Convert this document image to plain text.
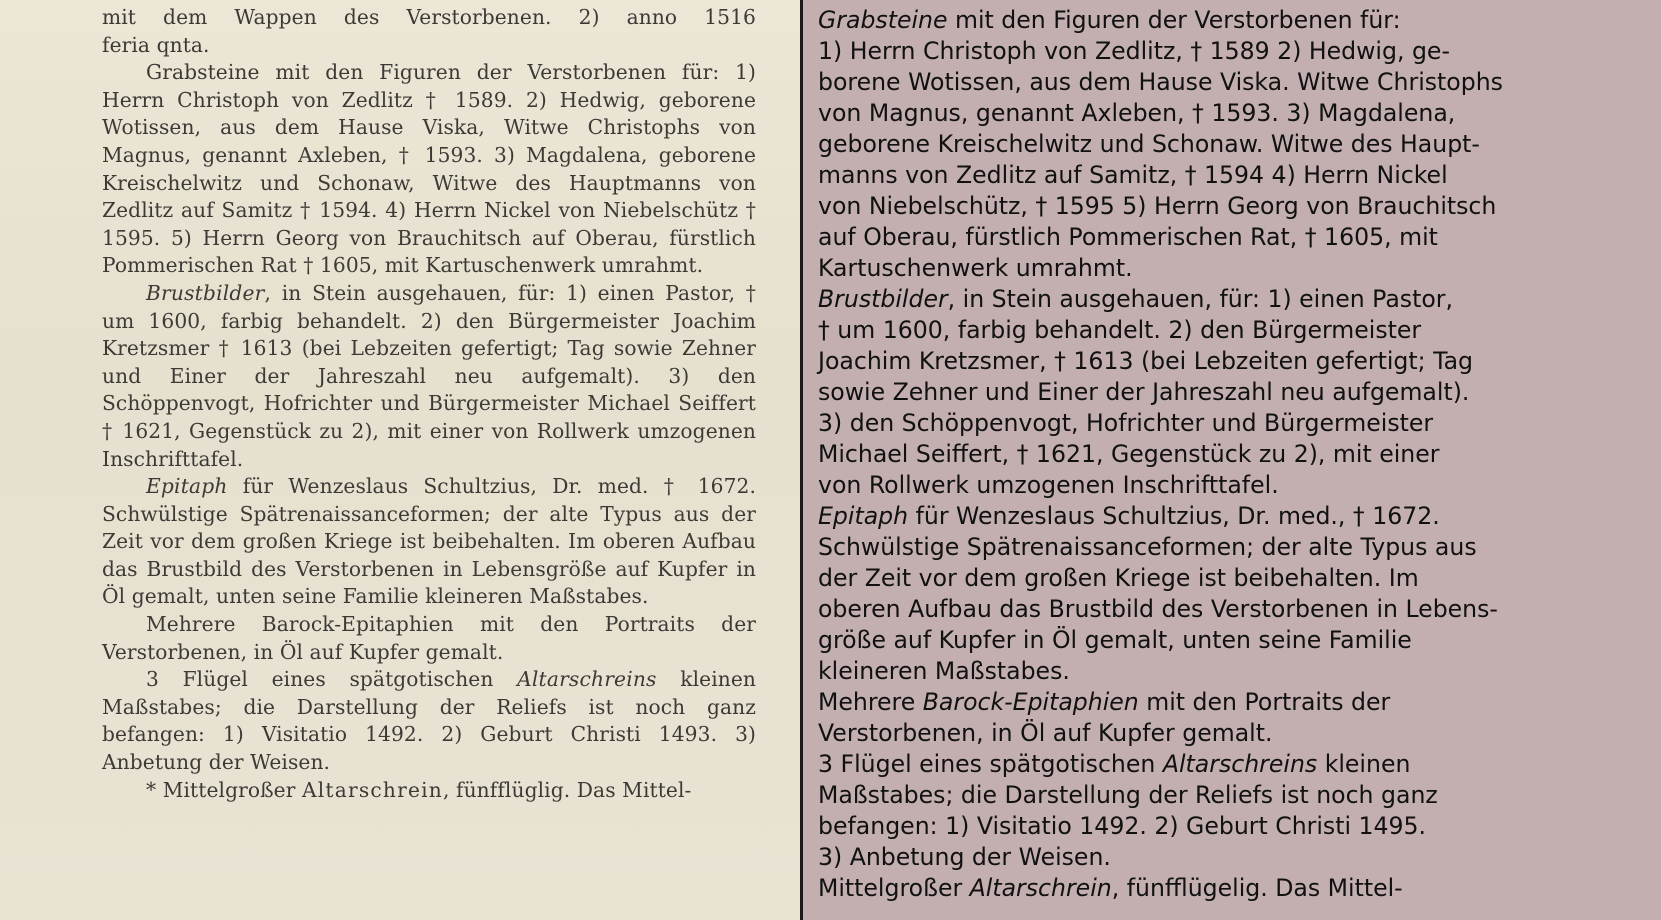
mit dem Wappen des Verstorbenen. 2) anno 1516

feria qnta.

Grabsteine mit den Figuren der Verstorbenen für: 1) Herrn Christoph von Zedlitz † 1589. 2) Hedwig, geborene Wotissen, aus dem Hause Viska, Witwe Christophs von Magnus, genannt Axleben, † 1593. 3) Magdalena, geborene Kreischelwitz und Schonaw, Witwe des Hauptmanns von Zedlitz auf Samitz † 1594. 4) Herrn Nickel von Niebelschütz † 1595. 5) Herrn Georg von Brauchitsch auf Oberau, fürstlich Pommerischen Rat † 1605, mit Kartuschenwerk umrahmt.

Brustbilder, in Stein ausgehauen, für: 1) einen Pastor, † um 1600, farbig behandelt. 2) den Bürgermeister Joachim Kretzsmer † 1613 (bei Lebzeiten gefertigt; Tag sowie Zehner und Einer der Jahreszahl neu aufgemalt). 3) den Schöppenvogt, Hofrichter und Bürgermeister Michael Seiffert † 1621, Gegenstück zu 2), mit einer von Rollwerk umzogenen Inschrifttafel.

Epitaph für Wenzeslaus Schultzius, Dr. med. † 1672. Schwülstige Spätrenaissanceformen; der alte Typus aus der Zeit vor dem großen Kriege ist beibehalten. Im oberen Aufbau das Brustbild des Verstorbenen in Lebensgröße auf Kupfer in Öl gemalt, unten seine Familie kleineren Maßstabes.

Mehrere Barock-Epitaphien mit den Portraits der Verstorbenen, in Öl auf Kupfer gemalt.

3 Flügel eines spätgotischen Altarschreins kleinen Maßstabes; die Darstellung der Reliefs ist noch ganz befangen: 1) Visitatio 1492. 2) Geburt Christi 1493. 3) Anbetung der Weisen.

* Mittelgroßer Altarschrein, fünfflüglig. Das Mittel-

Grabsteine mit den Figuren der Verstorbenen für:

1) Herrn Christoph von Zedlitz, † 1589 2) Hedwig, ge-

borene Wotissen, aus dem Hause Viska. Witwe Christophs

von Magnus, genannt Axleben, † 1593. 3) Magdalena,

geborene Kreischelwitz und Schonaw. Witwe des Haupt-

manns von Zedlitz auf Samitz, † 1594 4) Herrn Nickel

von Niebelschütz, † 1595 5) Herrn Georg von Brauchitsch

auf Oberau, fürstlich Pommerischen Rat, † 1605, mit

Kartuschenwerk umrahmt.

Brustbilder, in Stein ausgehauen, für: 1) einen Pastor,

† um 1600, farbig behandelt. 2) den Bürgermeister

Joachim Kretzsmer, † 1613 (bei Lebzeiten gefertigt; Tag

sowie Zehner und Einer der Jahreszahl neu aufgemalt).

3) den Schöppenvogt, Hofrichter und Bürgermeister

Michael Seiffert, † 1621, Gegenstück zu 2), mit einer

von Rollwerk umzogenen Inschrifttafel.

Epitaph für Wenzeslaus Schultzius, Dr. med., † 1672.

Schwülstige Spätrenaissanceformen; der alte Typus aus

der Zeit vor dem großen Kriege ist beibehalten. Im

oberen Aufbau das Brustbild des Verstorbenen in Lebens-

größe auf Kupfer in Öl gemalt, unten seine Familie

kleineren Maßstabes.

Mehrere Barock-Epitaphien mit den Portraits der

Verstorbenen, in Öl auf Kupfer gemalt.

3 Flügel eines spätgotischen Altarschreins kleinen

Maßstabes; die Darstellung der Reliefs ist noch ganz

befangen: 1) Visitatio 1492. 2) Geburt Christi 1495.

3) Anbetung der Weisen.

Mittelgroßer Altarschrein, fünfflügelig. Das Mittel-
